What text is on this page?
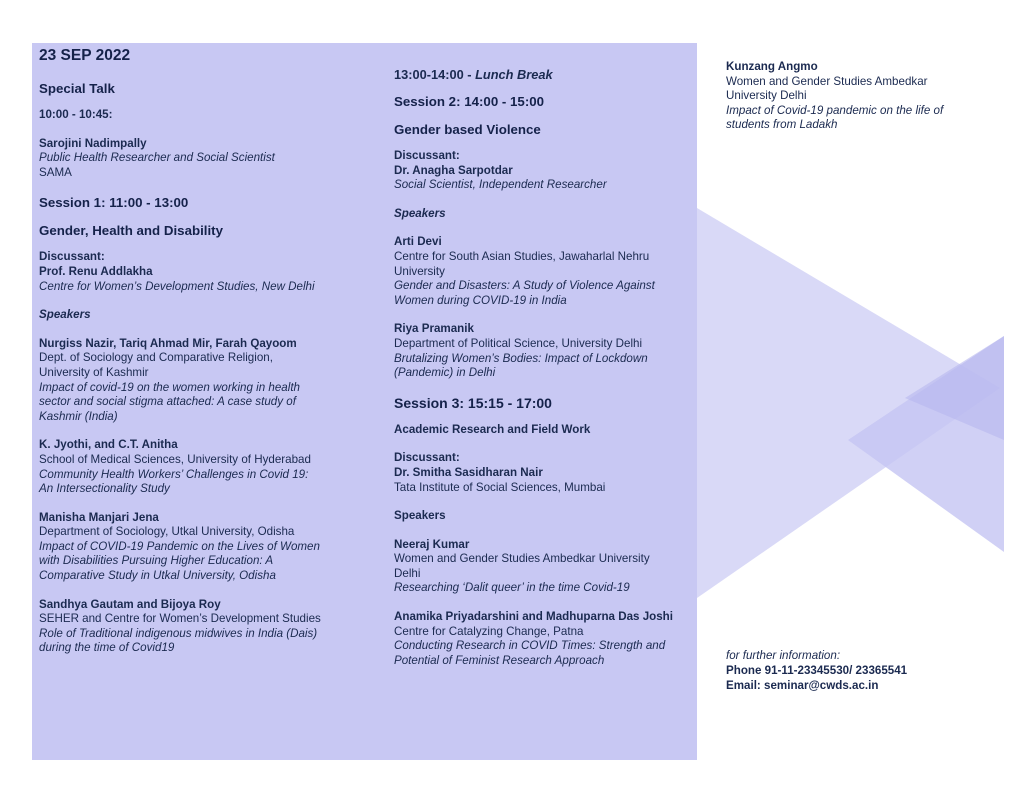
23 SEP 2022
Special Talk
10:00 - 10:45:
Sarojini Nadimpally
Public Health Researcher and Social Scientist
SAMA
Session 1: 11:00 - 13:00
Gender, Health and Disability
Discussant:
Prof. Renu Addlakha
Centre for Women’s Development Studies, New Delhi
Speakers
Nurgiss Nazir, Tariq Ahmad Mir, Farah Qayoom
Dept. of Sociology and Comparative Religion,
University of Kashmir
Impact of covid-19 on the women working in health
sector and social stigma attached: A case study of
Kashmir (India)
K. Jyothi, and C.T. Anitha
School of Medical Sciences, University of Hyderabad
Community Health Workers’ Challenges in Covid 19:
An Intersectionality Study
Manisha Manjari Jena
Department of Sociology, Utkal University, Odisha
Impact of COVID-19 Pandemic on the Lives of Women
with Disabilities Pursuing Higher Education: A
Comparative Study in Utkal University, Odisha
Sandhya Gautam and Bijoya Roy
SEHER and Centre for Women’s Development Studies
Role of Traditional indigenous midwives in India (Dais)
during the time of Covid19
13:00-14:00 - Lunch Break
Session 2: 14:00 - 15:00
Gender based Violence
Discussant:
Dr. Anagha Sarpotdar
Social Scientist, Independent Researcher
Speakers
Arti Devi
Centre for South Asian Studies, Jawaharlal Nehru
University
Gender and Disasters: A Study of Violence Against
Women during COVID-19 in India
Riya Pramanik
Department of Political Science, University Delhi
Brutalizing Women’s Bodies: Impact of Lockdown
(Pandemic) in Delhi
Session 3: 15:15 - 17:00
Academic Research and Field Work
Discussant:
Dr. Smitha Sasidharan Nair
Tata Institute of Social Sciences, Mumbai
Speakers
Neeraj Kumar
Women and Gender Studies Ambedkar University
Delhi
Researching ‘Dalit queer’ in the time Covid-19
Anamika Priyadarshini and Madhuparna Das Joshi
Centre for Catalyzing Change, Patna
Conducting Research in COVID Times: Strength and
Potential of Feminist Research Approach
Kunzang Angmo
Women and Gender Studies Ambedkar
University Delhi
Impact of Covid-19 pandemic on the life of
students from Ladakh
for further information:
Phone 91-11-23345530/ 23365541
Email: seminar@cwds.ac.in
